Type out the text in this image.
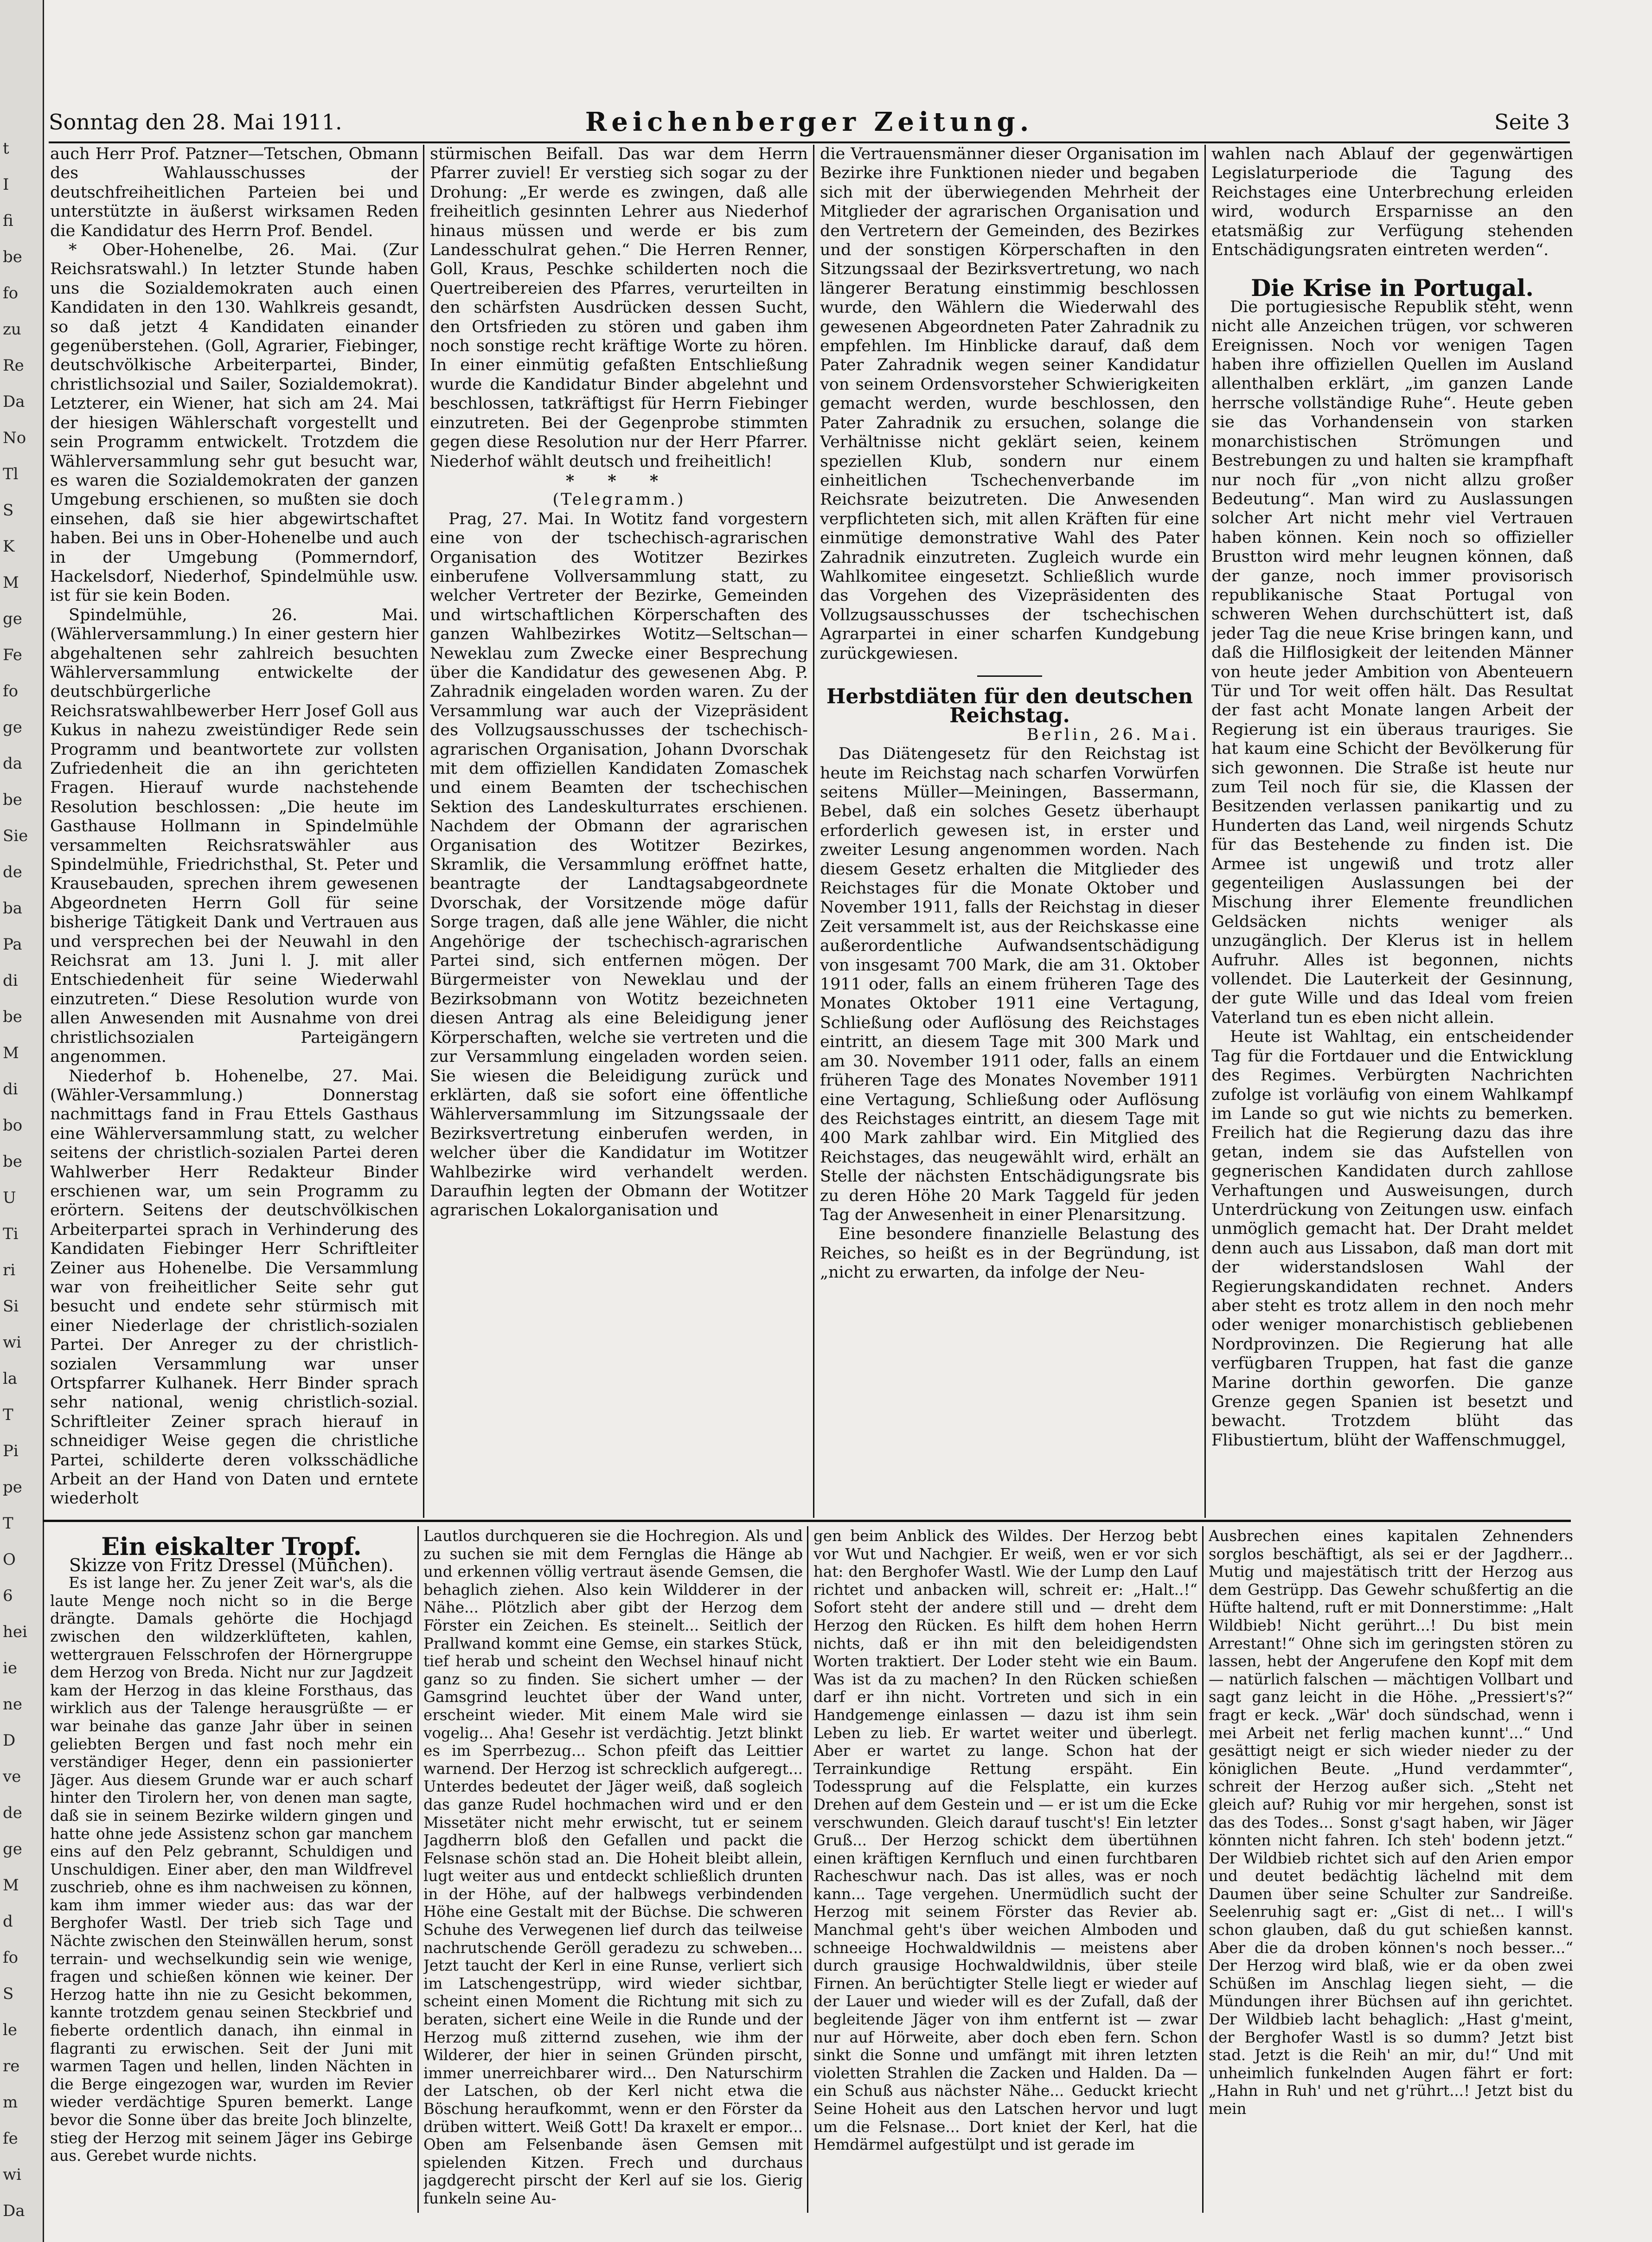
t
I
fi
be
fo
zu
Re
Da
No
Tl
S
K
M
ge
Fe
fo
ge
da
be
Sie
de
ba
Pa
di
be
M
di
bo
be
U
Ti
ri
Si
wi
la
T
Pi
pe
T
O
6
hei
ie
ne
D
ve
de
ge
M
d
fo
S
le
re
m
fe
wi
Da
Sonntag den 28. Mai 1911.	Reichenberger Zeitung.	Seite 3

auch Herr Prof. Patzner—Tetschen, Obmann des Wahlausschusses der deutschfreiheitlichen Parteien bei und unterstützte in äußerst wirksamen Reden die Kandidatur des Herrn Prof. Bendel.

* Ober-Hohenelbe, 26. Mai. (Zur Reichsratswahl.) In letzter Stunde haben uns die Sozialdemokraten auch einen Kandidaten in den 130. Wahlkreis gesandt, so daß jetzt 4 Kandidaten einander gegenüberstehen. (Goll, Agrarier, Fiebinger, deutschvölkische Arbeiterpartei, Binder, christlichsozial und Sailer, Sozialdemokrat). Letzterer, ein Wiener, hat sich am 24. Mai der hiesigen Wählerschaft vorgestellt und sein Programm entwickelt. Trotzdem die Wählerversammlung sehr gut besucht war, es waren die Sozialdemokraten der ganzen Umgebung erschienen, so mußten sie doch einsehen, daß sie hier abgewirtschaftet haben. Bei uns in Ober-Hohenelbe und auch in der Umgebung (Pommerndorf, Hackelsdorf, Niederhof, Spindelmühle usw. ist für sie kein Boden.

Spindelmühle, 26. Mai. (Wählerversammlung.) In einer gestern hier abgehaltenen sehr zahlreich besuchten Wählerversammlung entwickelte der deutschbürgerliche Reichsratswahlbewerber Herr Josef Goll aus Kukus in nahezu zweistündiger Rede sein Programm und beantwortete zur vollsten Zufriedenheit die an ihn gerichteten Fragen. Hierauf wurde nachstehende Resolution beschlossen: „Die heute im Gasthause Hollmann in Spindelmühle versammelten Reichsratswähler aus Spindelmühle, Friedrichsthal, St. Peter und Krausebauden, sprechen ihrem gewesenen Abgeordneten Herrn Goll für seine bisherige Tätigkeit Dank und Vertrauen aus und versprechen bei der Neuwahl in den Reichsrat am 13. Juni l. J. mit aller Entschiedenheit für seine Wiederwahl einzutreten.“ Diese Resolution wurde von allen Anwesenden mit Ausnahme von drei christlichsozialen Parteigängern angenommen.

Niederhof b. Hohenelbe, 27. Mai. (Wähler-Versammlung.) Donnerstag nachmittags fand in Frau Ettels Gasthaus eine Wählerversammlung statt, zu welcher seitens der christlich-sozialen Partei deren Wahlwerber Herr Redakteur Binder erschienen war, um sein Programm zu erörtern. Seitens der deutschvölkischen Arbeiterpartei sprach in Verhinderung des Kandidaten Fiebinger Herr Schriftleiter Zeiner aus Hohenelbe. Die Versammlung war von freiheitlicher Seite sehr gut besucht und endete sehr stürmisch mit einer Niederlage der christlich-sozialen Partei. Der Anreger zu der christlich-sozialen Versammlung war unser Ortspfarrer Kulhanek. Herr Binder sprach sehr national, wenig christlich-sozial. Schriftleiter Zeiner sprach hierauf in schneidiger Weise gegen die christliche Partei, schilderte deren volksschädliche Arbeit an der Hand von Daten und erntete wiederholt

stürmischen Beifall. Das war dem Herrn Pfarrer zuviel! Er verstieg sich sogar zu der Drohung: „Er werde es zwingen, daß alle freiheitlich gesinnten Lehrer aus Niederhof hinaus müssen und werde er bis zum Landesschulrat gehen.“ Die Herren Renner, Goll, Kraus, Peschke schilderten noch die Quertreibereien des Pfarres, verurteilten in den schärfsten Ausdrücken dessen Sucht, den Ortsfrieden zu stören und gaben ihm noch sonstige recht kräftige Worte zu hören. In einer einmütig gefaßten Entschließung wurde die Kandidatur Binder abgelehnt und beschlossen, tatkräftigst für Herrn Fiebinger einzutreten. Bei der Gegenprobe stimmten gegen diese Resolution nur der Herr Pfarrer. Niederhof wählt deutsch und freiheitlich!

* * *

(Telegramm.)

Prag, 27. Mai. In Wotitz fand vorgestern eine von der tschechisch-agrarischen Organisation des Wotitzer Bezirkes einberufene Vollversammlung statt, zu welcher Vertreter der Bezirke, Gemeinden und wirtschaftlichen Körperschaften des ganzen Wahlbezirkes Wotitz—Seltschan—Neweklau zum Zwecke einer Besprechung über die Kandidatur des gewesenen Abg. P. Zahradnik eingeladen worden waren. Zu der Versammlung war auch der Vizepräsident des Vollzugsausschusses der tschechisch-agrarischen Organisation, Johann Dvorschak mit dem offiziellen Kandidaten Zomaschek und einem Beamten der tschechischen Sektion des Landeskulturrates erschienen. Nachdem der Obmann der agrarischen Organisation des Wotitzer Bezirkes, Skramlik, die Versammlung eröffnet hatte, beantragte der Landtagsabgeordnete Dvorschak, der Vorsitzende möge dafür Sorge tragen, daß alle jene Wähler, die nicht Angehörige der tschechisch-agrarischen Partei sind, sich entfernen mögen. Der Bürgermeister von Neweklau und der Bezirksobmann von Wotitz bezeichneten diesen Antrag als eine Beleidigung jener Körperschaften, welche sie vertreten und die zur Versammlung eingeladen worden seien. Sie wiesen die Beleidigung zurück und erklärten, daß sie sofort eine öffentliche Wählerversammlung im Sitzungssaale der Bezirksvertretung einberufen werden, in welcher über die Kandidatur im Wotitzer Wahlbezirke wird verhandelt werden. Daraufhin legten der Obmann der Wotitzer agrarischen Lokalorganisation und

die Vertrauensmänner dieser Organisation im Bezirke ihre Funktionen nieder und begaben sich mit der überwiegenden Mehrheit der Mitglieder der agrarischen Organisation und den Vertretern der Gemeinden, des Bezirkes und der sonstigen Körperschaften in den Sitzungssaal der Bezirksvertretung, wo nach längerer Beratung einstimmig beschlossen wurde, den Wählern die Wiederwahl des gewesenen Abgeordneten Pater Zahradnik zu empfehlen. Im Hinblicke darauf, daß dem Pater Zahradnik wegen seiner Kandidatur von seinem Ordensvorsteher Schwierigkeiten gemacht werden, wurde beschlossen, den Pater Zahradnik zu ersuchen, solange die Verhältnisse nicht geklärt seien, keinem speziellen Klub, sondern nur einem einheitlichen Tschechenverbande im Reichsrate beizutreten. Die Anwesenden verpflichteten sich, mit allen Kräften für eine einmütige demonstrative Wahl des Pater Zahradnik einzutreten. Zugleich wurde ein Wahlkomitee eingesetzt. Schließlich wurde das Vorgehen des Vizepräsidenten des Vollzugsausschusses der tschechischen Agrarpartei in einer scharfen Kundgebung zurückgewiesen.

Herbstdiäten für den deutschen Reichstag.

Berlin, 26. Mai.

Das Diätengesetz für den Reichstag ist heute im Reichstag nach scharfen Vorwürfen seitens Müller—Meiningen, Bassermann, Bebel, daß ein solches Gesetz überhaupt erforderlich gewesen ist, in erster und zweiter Lesung angenommen worden. Nach diesem Gesetz erhalten die Mitglieder des Reichstages für die Monate Oktober und November 1911, falls der Reichstag in dieser Zeit versammelt ist, aus der Reichskasse eine außerordentliche Aufwandsentschädigung von insgesamt 700 Mark, die am 31. Oktober 1911 oder, falls an einem früheren Tage des Monates Oktober 1911 eine Vertagung, Schließung oder Auflösung des Reichstages eintritt, an diesem Tage mit 300 Mark und am 30. November 1911 oder, falls an einem früheren Tage des Monates November 1911 eine Vertagung, Schließung oder Auflösung des Reichstages eintritt, an diesem Tage mit 400 Mark zahlbar wird. Ein Mitglied des Reichstages, das neugewählt wird, erhält an Stelle der nächsten Entschädigungsrate bis zu deren Höhe 20 Mark Taggeld für jeden Tag der Anwesenheit in einer Plenarsitzung.

Eine besondere finanzielle Belastung des Reiches, so heißt es in der Begründung, ist „nicht zu erwarten, da infolge der Neu-

wahlen nach Ablauf der gegenwärtigen Legislaturperiode die Tagung des Reichstages eine Unterbrechung erleiden wird, wodurch Ersparnisse an den etatsmäßig zur Verfügung stehenden Entschädigungsraten eintreten werden“.

Die Krise in Portugal.

Die portugiesische Republik steht, wenn nicht alle Anzeichen trügen, vor schweren Ereignissen. Noch vor wenigen Tagen haben ihre offiziellen Quellen im Ausland allenthalben erklärt, „im ganzen Lande herrsche vollständige Ruhe“. Heute geben sie das Vorhandensein von starken monarchistischen Strömungen und Bestrebungen zu und halten sie krampfhaft nur noch für „von nicht allzu großer Bedeutung“. Man wird zu Auslassungen solcher Art nicht mehr viel Vertrauen haben können. Kein noch so offizieller Brustton wird mehr leugnen können, daß der ganze, noch immer provisorisch republikanische Staat Portugal von schweren Wehen durchschüttert ist, daß jeder Tag die neue Krise bringen kann, und daß die Hilflosigkeit der leitenden Männer von heute jeder Ambition von Abenteuern Tür und Tor weit offen hält. Das Resultat der fast acht Monate langen Arbeit der Regierung ist ein überaus trauriges. Sie hat kaum eine Schicht der Bevölkerung für sich gewonnen. Die Straße ist heute nur zum Teil noch für sie, die Klassen der Besitzenden verlassen panikartig und zu Hunderten das Land, weil nirgends Schutz für das Bestehende zu finden ist. Die Armee ist ungewiß und trotz aller gegenteiligen Auslassungen bei der Mischung ihrer Elemente freundlichen Geldsäcken nichts weniger als unzugänglich. Der Klerus ist in hellem Aufruhr. Alles ist begonnen, nichts vollendet. Die Lauterkeit der Gesinnung, der gute Wille und das Ideal vom freien Vaterland tun es eben nicht allein.

Heute ist Wahltag, ein entscheidender Tag für die Fortdauer und die Entwicklung des Regimes. Verbürgten Nachrichten zufolge ist vorläufig von einem Wahlkampf im Lande so gut wie nichts zu bemerken. Freilich hat die Regierung dazu das ihre getan, indem sie das Aufstellen von gegnerischen Kandidaten durch zahllose Verhaftungen und Ausweisungen, durch Unterdrückung von Zeitungen usw. einfach unmöglich gemacht hat. Der Draht meldet denn auch aus Lissabon, daß man dort mit der widerstandslosen Wahl der Regierungskandidaten rechnet. Anders aber steht es trotz allem in den noch mehr oder weniger monarchistisch gebliebenen Nordprovinzen. Die Regierung hat alle verfügbaren Truppen, hat fast die ganze Marine dorthin geworfen. Die ganze Grenze gegen Spanien ist besetzt und bewacht. Trotzdem blüht das Flibustiertum, blüht der Waffenschmuggel,

Ein eiskalter Tropf.

Skizze von Fritz Dressel (München).

Es ist lange her. Zu jener Zeit war's, als die laute Menge noch nicht so in die Berge drängte. Damals gehörte die Hochjagd zwischen den wildzerklüfteten, kahlen, wettergrauen Felsschrofen der Hörnergruppe dem Herzog von Breda. Nicht nur zur Jagdzeit kam der Herzog in das kleine Forsthaus, das wirklich aus der Talenge herausgrüßte — er war beinahe das ganze Jahr über in seinen geliebten Bergen und fast noch mehr ein verständiger Heger, denn ein passionierter Jäger. Aus diesem Grunde war er auch scharf hinter den Tirolern her, von denen man sagte, daß sie in seinem Bezirke wildern gingen und hatte ohne jede Assistenz schon gar manchem eins auf den Pelz gebrannt, Schuldigen und Unschuldigen. Einer aber, den man Wildfrevel zuschrieb, ohne es ihm nachweisen zu können, kam ihm immer wieder aus: das war der Berghofer Wastl. Der trieb sich Tage und Nächte zwischen den Steinwällen herum, sonst terrain- und wechselkundig sein wie wenige, fragen und schießen können wie keiner. Der Herzog hatte ihn nie zu Gesicht bekommen, kannte trotzdem genau seinen Steckbrief und fieberte ordentlich danach, ihn einmal in flagranti zu erwischen. Seit der Juni mit warmen Tagen und hellen, linden Nächten in die Berge eingezogen war, wurden im Revier wieder verdächtige Spuren bemerkt. Lange bevor die Sonne über das breite Joch blinzelte, stieg der Herzog mit seinem Jäger ins Gebirge aus. Gerebet wurde nichts.

Lautlos durchqueren sie die Hochregion. Als und zu suchen sie mit dem Fernglas die Hänge ab und erkennen völlig vertraut äsende Gemsen, die behaglich ziehen. Also kein Wildderer in der Nähe... Plötzlich aber gibt der Herzog dem Förster ein Zeichen. Es steinelt... Seitlich der Prallwand kommt eine Gemse, ein starkes Stück, tief herab und scheint den Wechsel hinauf nicht ganz so zu finden. Sie sichert umher — der Gamsgrind leuchtet über der Wand unter, erscheint wieder. Mit einem Male wird sie vogelig... Aha! Gesehr ist verdächtig. Jetzt blinkt es im Sperrbezug... Schon pfeift das Leittier warnend. Der Herzog ist schrecklich aufgeregt... Unterdes bedeutet der Jäger weiß, daß sogleich das ganze Rudel hochmachen wird und er den Missetäter nicht mehr erwischt, tut er seinem Jagdherrn bloß den Gefallen und packt die Felsnase schön stad an. Die Hoheit bleibt allein, lugt weiter aus und entdeckt schließlich drunten in der Höhe, auf der halbwegs verbindenden Höhe eine Gestalt mit der Büchse. Die schweren Schuhe des Verwegenen lief durch das teilweise nachrutschende Geröll geradezu zu schweben... Jetzt taucht der Kerl in eine Runse, verliert sich im Latschengestrüpp, wird wieder sichtbar, scheint einen Moment die Richtung mit sich zu beraten, sichert eine Weile in die Runde und der Herzog muß zitternd zusehen, wie ihm der Wilderer, der hier in seinen Gründen pirscht, immer unerreichbarer wird... Den Naturschirm der Latschen, ob der Kerl nicht etwa die Böschung heraufkommt, wenn er den Förster da drüben wittert. Weiß Gott! Da kraxelt er empor... Oben am Felsenbande äsen Gemsen mit spielenden Kitzen. Frech und durchaus jagdgerecht pirscht der Kerl auf sie los. Gierig funkeln seine Au-

gen beim Anblick des Wildes. Der Herzog bebt vor Wut und Nachgier. Er weiß, wen er vor sich hat: den Berghofer Wastl. Wie der Lump den Lauf richtet und anbacken will, schreit er: „Halt..!“ Sofort steht der andere still und — dreht dem Herzog den Rücken. Es hilft dem hohen Herrn nichts, daß er ihn mit den beleidigendsten Worten traktiert. Der Loder steht wie ein Baum. Was ist da zu machen? In den Rücken schießen darf er ihn nicht. Vortreten und sich in ein Handgemenge einlassen — dazu ist ihm sein Leben zu lieb. Er wartet weiter und überlegt. Aber er wartet zu lange. Schon hat der Terrainkundige Rettung erspäht. Ein Todessprung auf die Felsplatte, ein kurzes Drehen auf dem Gestein und — er ist um die Ecke verschwunden. Gleich darauf tuscht's! Ein letzter Gruß... Der Herzog schickt dem übertühnen einen kräftigen Kernfluch und einen furchtbaren Racheschwur nach. Das ist alles, was er noch kann... Tage vergehen. Unermüdlich sucht der Herzog mit seinem Förster das Revier ab. Manchmal geht's über weichen Almboden und schneeige Hochwaldwildnis — meistens aber durch grausige Hochwaldwildnis, über steile Firnen. An berüchtigter Stelle liegt er wieder auf der Lauer und wieder will es der Zufall, daß der begleitende Jäger von ihm entfernt ist — zwar nur auf Hörweite, aber doch eben fern. Schon sinkt die Sonne und umfängt mit ihren letzten violetten Strahlen die Zacken und Halden. Da — ein Schuß aus nächster Nähe... Geduckt kriecht Seine Hoheit aus den Latschen hervor und lugt um die Felsnase... Dort kniet der Kerl, hat die Hemdärmel aufgestülpt und ist gerade im

Ausbrechen eines kapitalen Zehnenders sorglos beschäftigt, als sei er der Jagdherr... Mutig und majestätisch tritt der Herzog aus dem Gestrüpp. Das Gewehr schußfertig an die Hüfte haltend, ruft er mit Donnerstimme: „Halt Wildbieb! Nicht gerührt...! Du bist mein Arrestant!“ Ohne sich im geringsten stören zu lassen, hebt der Angerufene den Kopf mit dem — natürlich falschen — mächtigen Vollbart und sagt ganz leicht in die Höhe. „Pressiert's?“ fragt er keck. „Wär' doch sündschad, wenn i mei Arbeit net ferlig machen kunnt'...“ Und gesättigt neigt er sich wieder nieder zu der königlichen Beute. „Hund verdammter“, schreit der Herzog außer sich. „Steht net gleich auf? Ruhig vor mir hergehen, sonst ist das des Todes... Sonst g'sagt haben, wir Jäger könnten nicht fahren. Ich steh' bodenn jetzt.“ Der Wildbieb richtet sich auf den Arien empor und deutet bedächtig lächelnd mit dem Daumen über seine Schulter zur Sandreiße. Seelenruhig sagt er: „Gist di net... I will's schon glauben, daß du gut schießen kannst. Aber die da droben können's noch besser...“ Der Herzog wird blaß, wie er da oben zwei Schüßen im Anschlag liegen sieht, — die Mündungen ihrer Büchsen auf ihn gerichtet. Der Wildbieb lacht behaglich: „Hast g'meint, der Berghofer Wastl is so dumm? Jetzt bist stad. Jetzt is die Reih' an mir, du!“ Und mit unheimlich funkelnden Augen fährt er fort: „Hahn in Ruh' und net g'rührt...! Jetzt bist du mein
